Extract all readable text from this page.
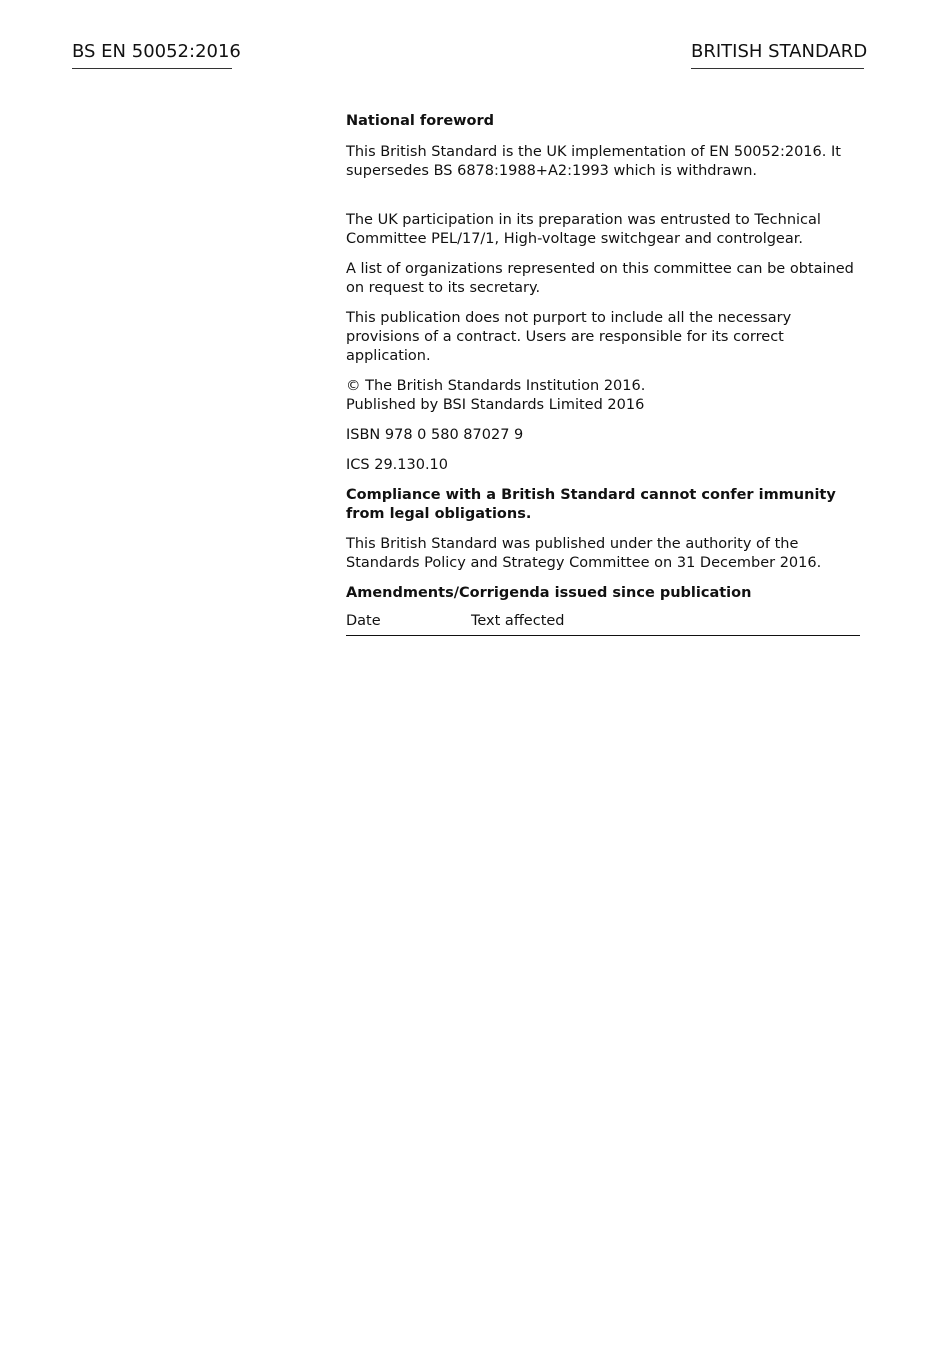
BS EN 50052:2016	BRITISH STANDARD

National foreword

This British Standard is the UK implementation of EN 50052:2016. It supersedes BS 6878:1988+A2:1993 which is withdrawn.

The UK participation in its preparation was entrusted to Technical Committee PEL/17/1, High-voltage switchgear and controlgear.

A list of organizations represented on this committee can be obtained on request to its secretary.

This publication does not purport to include all the necessary provisions of a contract. Users are responsible for its correct application.

© The British Standards Institution 2016.
Published by BSI Standards Limited 2016

ISBN 978 0 580 87027 9

ICS 29.130.10

Compliance with a British Standard cannot confer immunity from legal obligations.

This British Standard was published under the authority of the Standards Policy and Strategy Committee on 31 December 2016.

Amendments/Corrigenda issued since publication

Date	Text affected
